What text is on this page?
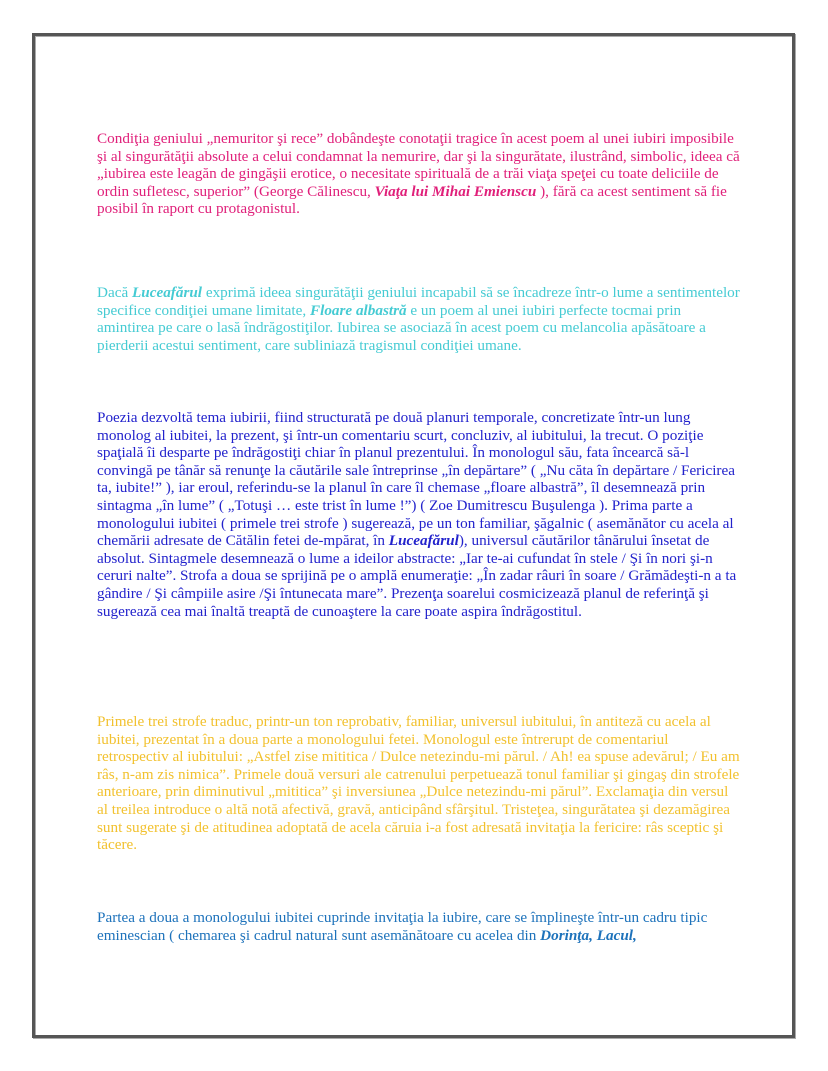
Condiţia geniului „nemuritor şi rece” dobândeşte conotaţii tragice în acest poem al unei iubiri imposibile şi al singurătăţii absolute a celui condamnat la nemurire, dar şi la singurătate, ilustrând, simbolic, ideea că „iubirea este leagăn de gingăşii erotice, o necesitate spirituală de a trăi viaţa speţei cu toate deliciile de ordin sufletesc, superior” (George Călinescu, Viaţa lui Mihai Emienscu ), fără ca acest sentiment să fie posibil în raport cu protagonistul.

Dacă Luceafărul exprimă ideea singurătăţii geniului incapabil să se încadreze într-o lume a sentimentelor specifice condiţiei umane limitate, Floare albastră e un poem al unei iubiri perfecte tocmai prin amintirea pe care o lasă îndrăgostiţilor. Iubirea se asociază în acest poem cu melancolia apăsătoare a pierderii acestui sentiment, care subliniază tragismul condiţiei umane.

Poezia dezvoltă tema iubirii, fiind structurată pe două planuri temporale, concretizate într-un lung monolog al iubitei, la prezent, şi într-un comentariu scurt, concluziv, al iubitului, la trecut. O poziţie spaţială îi desparte pe îndrăgostiţi chiar în planul prezentului. În monologul său, fata încearcă să-l convingă pe tânăr să renunţe la căutările sale întreprinse „în depărtare” ( „Nu căta în depărtare / Fericirea ta, iubite!” ), iar eroul, referindu-se la planul în care îl chemase „floare albastră”, îl desemnează prin sintagma „în lume” ( „Totuşi … este trist în lume !”) ( Zoe Dumitrescu Buşulenga ). Prima parte a monologului iubitei ( primele trei strofe ) sugerează, pe un ton familiar, şăgalnic ( asemănător cu acela al chemării adresate de Cătălin fetei de-mpărat, în Luceafărul), universul căutărilor tânărului însetat de absolut. Sintagmele desemnează o lume a ideilor abstracte: „Iar te-ai cufundat în stele / Şi în nori şi-n ceruri nalte”. Strofa a doua se sprijină pe o amplă enumeraţie: „În zadar râuri în soare / Grămădeşti-n a ta gândire / Şi câmpiile asire /Şi întunecata mare”. Prezenţa soarelui cosmicizează planul de referinţă şi sugerează cea mai înaltă treaptă de cunoaştere la care poate aspira îndrăgostitul.

Primele trei strofe traduc, printr-un ton reprobativ, familiar, universul iubitului, în antiteză cu acela al iubitei, prezentat în a doua parte a monologului fetei. Monologul este întrerupt de comentariul retrospectiv al iubitului: „Astfel zise mititica / Dulce netezindu-mi părul. / Ah! ea spuse adevărul; / Eu am râs, n-am zis nimica”. Primele două versuri ale catrenului perpetuează tonul familiar şi gingaş din strofele anterioare, prin diminutivul „mititica” şi inversiunea „Dulce netezindu-mi părul”. Exclamaţia din versul al treilea introduce o altă notă afectivă, gravă, anticipând sfârşitul. Tristeţea, singurătatea şi dezamăgirea sunt sugerate şi de atitudinea adoptată de acela căruia i-a fost adresată invitaţia la fericire: râs sceptic şi tăcere.

Partea a doua a monologului iubitei cuprinde invitaţia la iubire, care se împlineşte într-un cadru tipic eminescian ( chemarea şi cadrul natural sunt asemănătoare cu acelea din Dorinţa, Lacul,
